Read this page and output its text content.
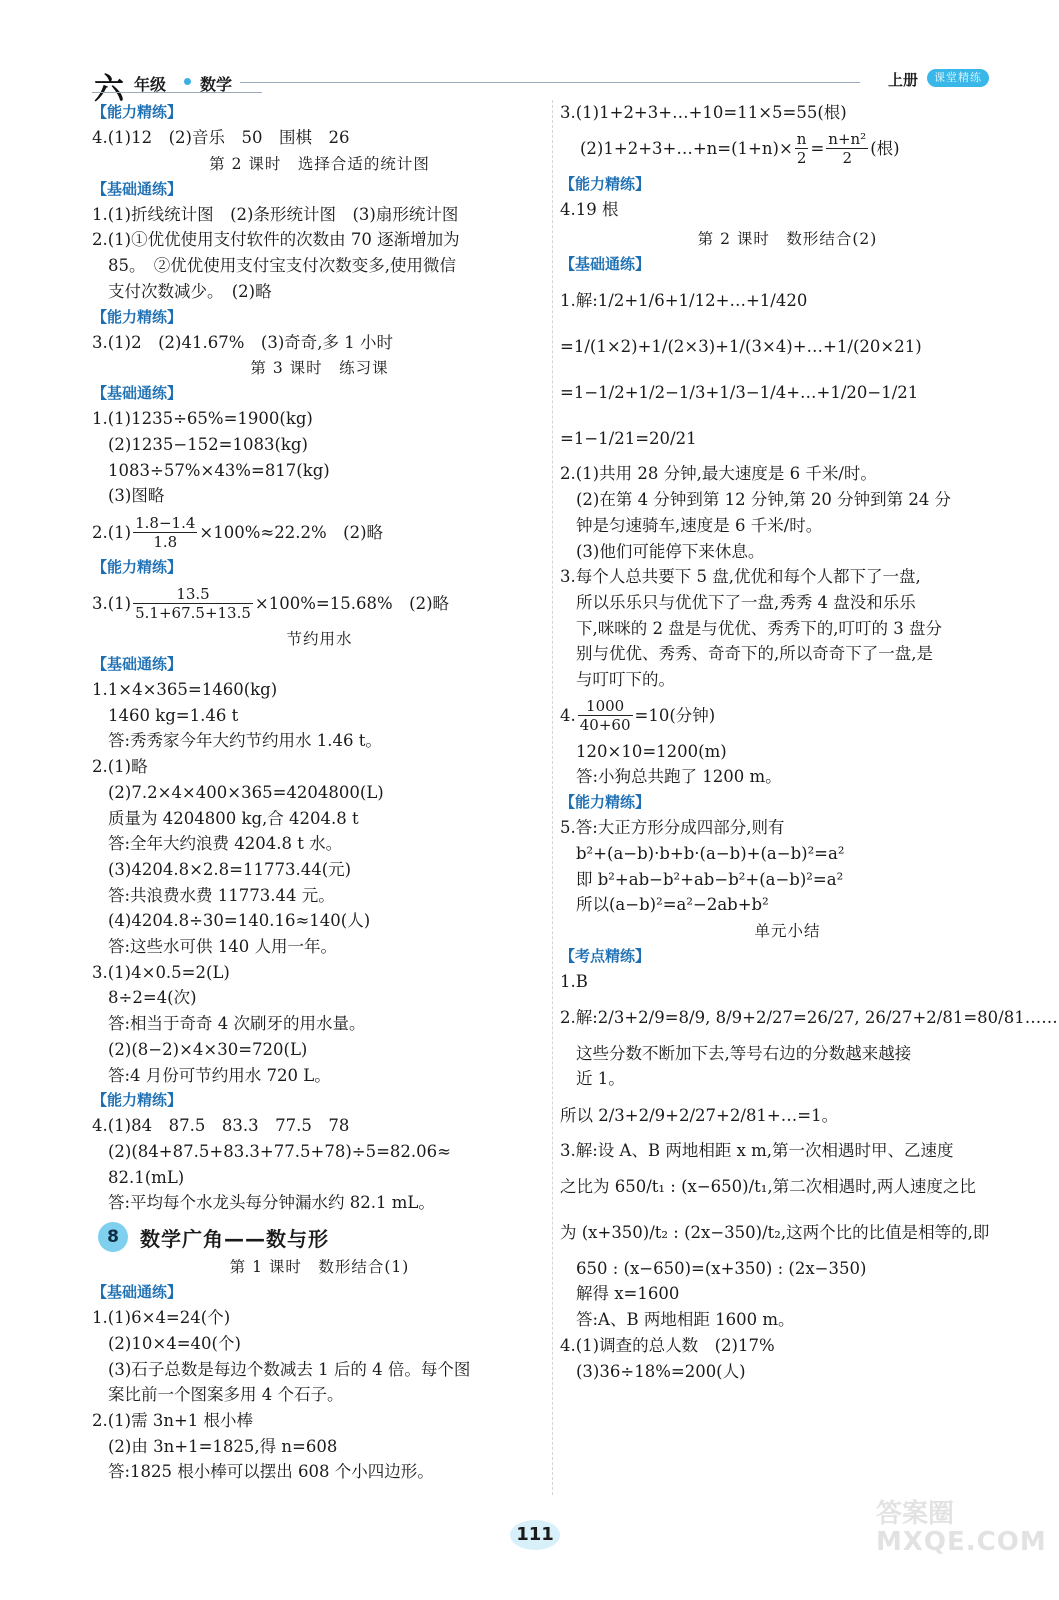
六 年级 数学	上册	课堂精练
【能力精练】
4.(1)12　(2)音乐　50　围棋　26
第 2 课时　选择合适的统计图
【基础通练】
1.(1)折线统计图　(2)条形统计图　(3)扇形统计图
2.(1)①优优使用支付软件的次数由 70 逐渐增加为
85。　②优优使用支付宝支付次数变多,使用微信
支付次数减少。　(2)略
【能力精练】
3.(1)2　(2)41.67%　(3)奇奇,多 1 小时
第 3 课时　练习课
【基础通练】
1.(1)1235÷65%=1900(kg)
(2)1235−152=1083(kg)
1083÷57%×43%=817(kg)
(3)图略
$2.(1) \frac{1.8-1.4}{1.8} \times 100\%\approx 22.2\%$　(2)略
【能力精练】
$3.(1) \frac{13.5}{5.1+67.5+13.5} \times 100\%=15.68\%$　(2)略
节约用水
【基础通练】
1.1×4×365=1460(kg)
1460 kg=1.46 t
答:秀秀家今年大约节约用水 1.46 t。
2.(1)略
(2)7.2×4×400×365=4204800(L)
质量为 4204800 kg,合 4204.8 t
答:全年大约浪费 4204.8 t 水。
(3)4204.8×2.8=11773.44(元)
答:共浪费水费 11773.44 元。
(4)4204.8÷30=140.16≈140(人)
答:这些水可供 140 人用一年。
3.(1)4×0.5=2(L)
8÷2=4(次)
答:相当于奇奇 4 次刷牙的用水量。
(2)(8−2)×4×30=720(L)
答:4 月份可节约用水 720 L。
【能力精练】
4.(1)84　87.5　83.3　77.5　78
(2)(84+87.5+83.3+77.5+78)÷5=82.06≈
82.1(mL)
答:平均每个水龙头每分钟漏水约 82.1 mL。
8	数学广角——数与形
第 1 课时　数形结合(1)
【基础通练】
1.(1)6×4=24(个)
(2)10×4=40(个)
(3)石子总数是每边个数减去 1 后的 4 倍。每个图
案比前一个图案多用 4 个石子。
2.(1)需 3n+1 根小棒
(2)由 3n+1=1825,得 n=608
答:1825 根小棒可以摆出 608 个小四边形。
3.(1)1+2+3+…+10=11×5=55(根)
(2)1+2+3+…+n=(1+n)× $\frac{n}{2} = \frac{\text{n+n²}}{2}$ (根)
【能力精练】
4.19 根
第 2 课时　数形结合(2)
【基础通练】
1.解:1/2+1/6+1/12+…+1/420
=1/(1×2)+1/(2×3)+1/(3×4)+…+1/(20×21)
=1−1/2+1/2−1/3+1/3−1/4+…+1/20−1/21
=1−1/21=20/21
2.(1)共用 28 分钟,最大速度是 6 千米/时。
(2)在第 4 分钟到第 12 分钟,第 20 分钟到第 24 分
钟是匀速骑车,速度是 6 千米/时。
(3)他们可能停下来休息。
3.每个人总共要下 5 盘,优优和每个人都下了一盘,
所以乐乐只与优优下了一盘,秀秀 4 盘没和乐乐
下,咪咪的 2 盘是与优优、秀秀下的,叮叮的 3 盘分
别与优优、秀秀、奇奇下的,所以奇奇下了一盘,是
与叮叮下的。
4. $\frac{1000}{40+60} =10$(分钟)
120×10=1200(m)
答:小狗总共跑了 1200 m。
【能力精练】
5.答:大正方形分成四部分,则有
b²+(a−b)·b+b·(a−b)+(a−b)²=a²
即 b²+ab−b²+ab−b²+(a−b)²=a²
所以(a−b)²=a²−2ab+b²
单元小结
【考点精练】
1.B
2.解:2/3+2/9=8/9, 8/9+2/27=26/27, 26/27+2/81=80/81……
这些分数不断加下去,等号右边的分数越来越接
近 1。
所以 2/3+2/9+2/27+2/81+…=1。
3.解:设 A、B 两地相距 x m,第一次相遇时甲、乙速度
之比为 650/t₁ : (x−650)/t₁,第二次相遇时,两人速度之比
为 (x+350)/t₂ : (2x−350)/t₂,这两个比的比值是相等的,即
650 : (x−650)=(x+350) : (2x−350)
解得 x=1600
答:A、B 两地相距 1600 m。
4.(1)调查的总人数　(2)17%
(3)36÷18%=200(人)
111
答案圈
MXQE.COM
